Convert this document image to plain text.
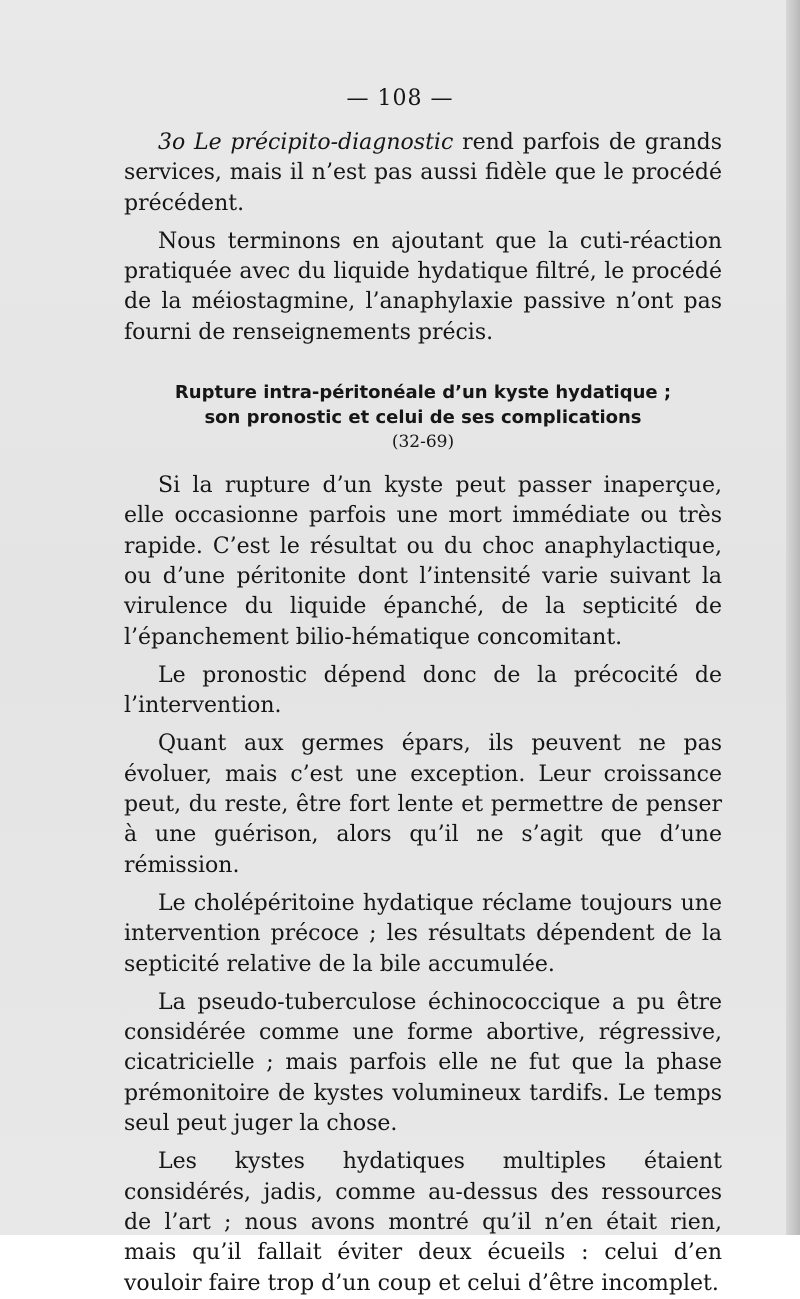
— 108 —

3o Le précipito-diagnostic rend parfois de grands services, mais il n’est pas aussi fidèle que le procédé précédent.

Nous terminons en ajoutant que la cuti-réaction pratiquée avec du liquide hydatique filtré, le procédé de la méiostagmine, l’anaphylaxie passive n’ont pas fourni de renseignements précis.

Rupture intra-péritonéale d’un kyste hydatique ;
son pronostic et celui de ses complications
(32-69)

Si la rupture d’un kyste peut passer inaperçue, elle occasionne parfois une mort immédiate ou très rapide. C’est le résultat ou du choc anaphylactique, ou d’une péritonite dont l’intensité varie suivant la virulence du liquide épanché, de la septicité de l’épanchement bilio-hématique concomitant.

Le pronostic dépend donc de la précocité de l’intervention.

Quant aux germes épars, ils peuvent ne pas évoluer, mais c’est une exception. Leur croissance peut, du reste, être fort lente et permettre de penser à une guérison, alors qu’il ne s’agit que d’une rémission.

Le cholépéritoine hydatique réclame toujours une intervention précoce ; les résultats dépendent de la septicité relative de la bile accumulée.

La pseudo-tuberculose échinococcique a pu être considérée comme une forme abortive, régressive, cicatricielle ; mais parfois elle ne fut que la phase prémonitoire de kystes volumineux tardifs. Le temps seul peut juger la chose.

Les kystes hydatiques multiples étaient considérés, jadis, comme au-dessus des ressources de l’art ; nous avons montré qu’il n’en était rien, mais qu’il fallait éviter deux écueils : celui d’en vouloir faire trop d’un coup et celui d’être incomplet.
